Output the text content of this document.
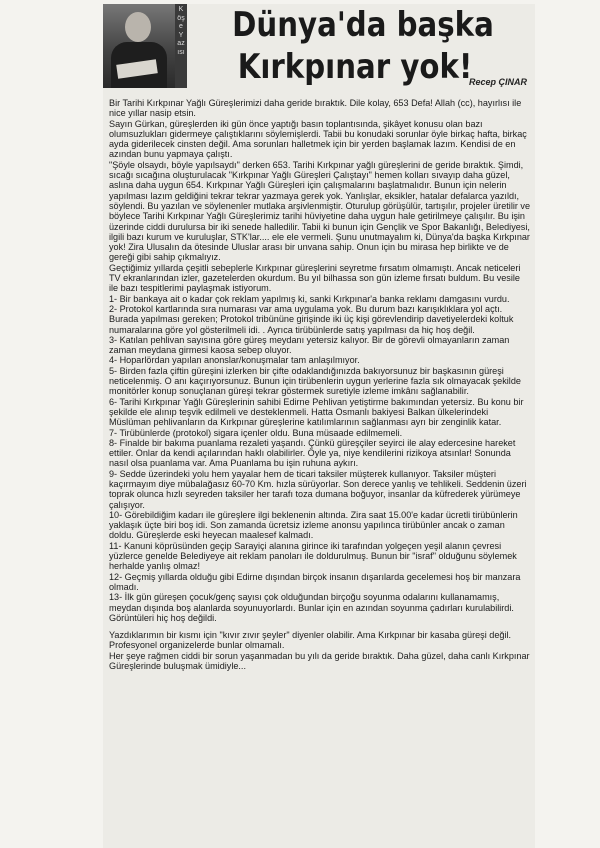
Köşe Yazısı
Dünya'da başka
Kırkpınar yok!
Recep ÇINAR

Bir Tarihi Kırkpınar Yağlı Güreşlerimizi daha geride bıraktık. Dile kolay, 653 Defa! Allah (cc), hayırlısı ile nice yıllar nasip etsin.

Sayın Gürkan, güreşlerden iki gün önce yaptığı basın toplantısında, şikâyet konusu olan bazı olumsuzlukları gidermeye çalıştıklarını söylemişlerdi. Tabii bu konudaki sorunlar öyle birkaç hafta, birkaç ayda giderilecek cinsten değil. Ama sorunları halletmek için bir yerden başlamak lazım. Kendisi de en azından bunu yapmaya çalıştı.

"Şöyle olsaydı, böyle yapılsaydı" derken 653. Tarihi Kırkpınar yağlı güreşlerini de geride bıraktık. Şimdi, sıcağı sıcağına oluşturulacak "Kırkpınar Yağlı Güreşleri Çalıştayı" hemen kolları sıvayıp daha güzel, aslına daha uygun 654. Kırkpınar Yağlı Güreşleri için çalışmalarını başlatmalıdır. Bunun için nelerin yapılması lazım geldiğini tekrar tekrar yazmaya gerek yok. Yanlışlar, eksikler, hatalar defalarca yazıldı, söylendi. Bu yazılan ve söylenenler mutlaka arşivlenmiştir. Oturulup görüşülür, tartışılır, projeler üretilir ve böylece Tarihi Kırkpınar Yağlı Güreşlerimiz tarihi hüviyetine daha uygun hale getirilmeye çalışılır. Bu işin üzerinde ciddi durulursa bir iki senede halledilir. Tabii ki bunun için Gençlik ve Spor Bakanlığı, Belediyesi, ilgili bazı kurum ve kuruluşlar, STK'lar.... ele ele vermeli. Şunu unutmayalım ki, Dünya'da başka Kırkpınar yok! Zira Ulusalın da ötesinde Uluslar arası bir unvana sahip. Onun için bu mirasa hep birlikte ve de gereği gibi sahip çıkmalıyız.

Geçtiğimiz yıllarda çeşitli sebeplerle Kırkpınar güreşlerini seyretme fırsatım olmamıştı. Ancak neticeleri TV ekranlarından izler, gazetelerden okurdum. Bu yıl bilhassa son gün izleme fırsatı buldum. Bu vesile ile bazı tespitlerimi paylaşmak istiyorum.

1- Bir bankaya ait o kadar çok reklam yapılmış ki, sanki Kırkpınar'a banka reklamı damgasını vurdu.

2- Protokol kartlarında sıra numarası var ama uygulama yok. Bu durum bazı karışıklıklara yol açtı. Burada yapılması gereken; Protokol tribününe girişinde iki üç kişi görevlendirip davetiyelerdeki koltuk numaralarına göre yol gösterilmeli idi. . Ayrıca tirübünlerde satış yapılması da hiç hoş değil.

3- Katılan pehlivan sayısına göre güreş meydanı yetersiz kalıyor. Bir de görevli olmayanların zaman zaman meydana girmesi kaosa sebep oluyor.

4- Hoparlördan yapılan anonslar/konuşmalar tam anlaşılmıyor.

5- Birden fazla çiftin güreşini izlerken bir çifte odaklandığınızda bakıyorsunuz bir başkasının güreşi neticelenmiş. O anı kaçırıyorsunuz. Bunun için tirübenlerin uygun yerlerine fazla sık olmayacak şekilde monitörler konup sonuçlanan güreşi tekrar göstermek suretiyle izleme imkânı sağlanabilir.

6- Tarihi Kırkpınar Yağlı Güreşlerinin sahibi Edirne Pehlivan yetiştirme bakımından yetersiz. Bu konu bir şekilde ele alınıp teşvik edilmeli ve desteklenmeli. Hatta Osmanlı bakiyesi Balkan ülkelerindeki Müslüman pehlivanların da Kırkpınar güreşlerine katılımlarının sağlanması ayrı bir zenginlik katar.

7- Tirübünlerde (protokol) sigara içenler oldu. Buna müsaade edilmemeli.

8- Finalde bir bakıma puanlama rezaleti yaşandı. Çünkü güreşçiler seyirci ile alay edercesine hareket ettiler. Onlar da kendi açılarından haklı olabilirler. Öyle ya, niye kendilerini rizikoya atsınlar! Sonunda nasıl olsa puanlama var. Ama Puanlama bu işin ruhuna aykırı.

9- Sedde üzerindeki yolu hem yayalar hem de ticari taksiler müşterek kullanıyor. Taksiler müşteri kaçırmayım diye mübalağasız 60-70 Km. hızla sürüyorlar. Son derece yanlış ve tehlikeli. Seddenin üzeri toprak olunca hızlı seyreden taksiler her tarafı toza dumana boğuyor, insanlar da küfrederek yürümeye çalışıyor.

10- Görebildiğim kadarı ile güreşlere ilgi beklenenin altında. Zira saat 15.00'e kadar ücretli tirübünlerin yaklaşık üçte biri boş idi. Son zamanda ücretsiz izleme anonsu yapılınca tirübünler ancak o zaman doldu. Güreşlerde eski heyecan maalesef kalmadı.

11- Kanuni köprüsünden geçip Sarayiçi alanına girince iki tarafından yolgeçen yeşil alanın çevresi yüzlerce geneldе Belediyeye ait reklam panoları ile doldurulmuş. Bunun bir "israf" olduğunu söylemek herhalde yanlış olmaz!

12- Geçmiş yıllarda olduğu gibi Edirne dışından birçok insanın dışarılarda gecelemesi hoş bir manzara olmadı.

13- İlk gün güreşen çocuk/genç sayısı çok olduğundan birçoğu soyunma odalarını kullanamamış, meydan dışında boş alanlarda soyunuyorlardı. Bunlar için en azından soyunma çadırları kurulabilirdi. Görüntüleri hiç hoş değildi.

Yazdıklarımın bir kısmı için "kıvır zıvır şeyler" diyenler olabilir. Ama Kırkpınar bir kasaba güreşi değil. Profesyonel organizelerde bunlar olmamalı.

Her şeye rağmen ciddi bir sorun yaşanmadan bu yılı da geride bıraktık. Daha güzel, daha canlı Kırkpınar Güreşlerinde buluşmak ümidiyle...
